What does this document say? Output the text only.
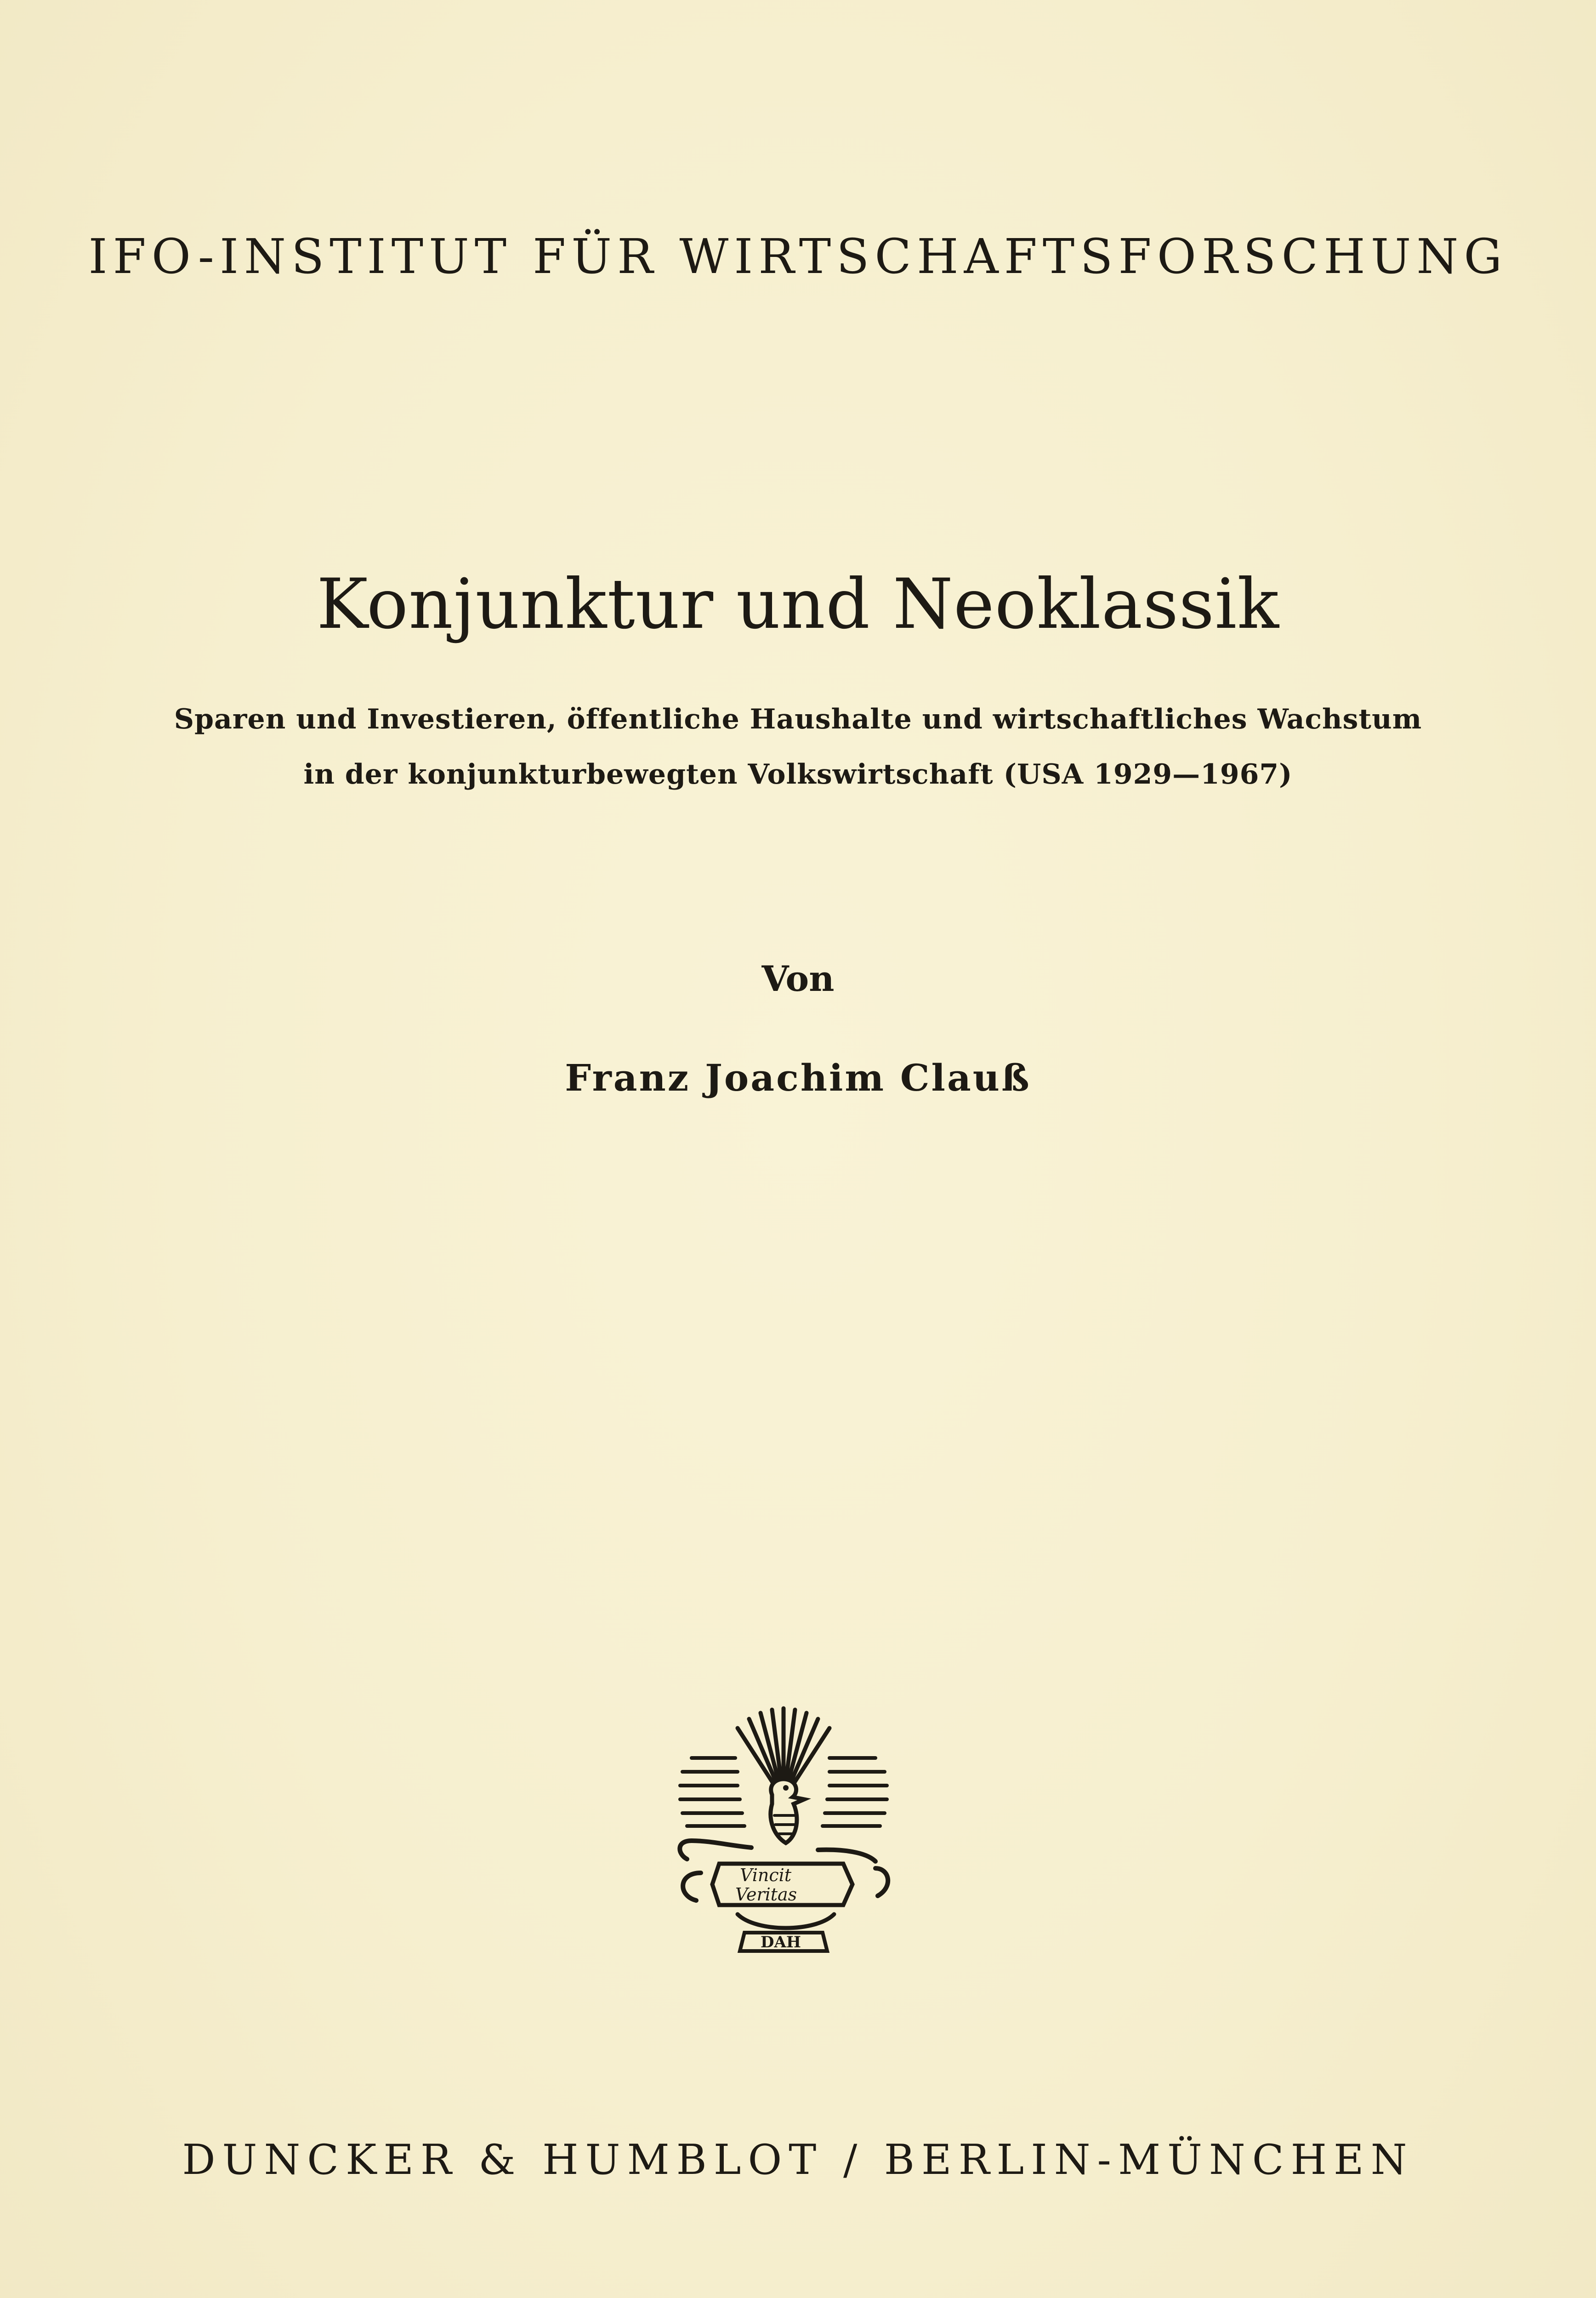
IFO-INSTITUT FÜR WIRTSCHAFTSFORSCHUNG
Konjunktur und Neoklassik
Sparen und Investieren, öffentliche Haushalte und wirtschaftliches Wachstum
in der konjunkturbewegten Volkswirtschaft (USA 1929—1967)
Von
Franz Joachim Clauß
Vincit
Veritas
DAH
DUNCKER & HUMBLOT / BERLIN-MÜNCHEN
